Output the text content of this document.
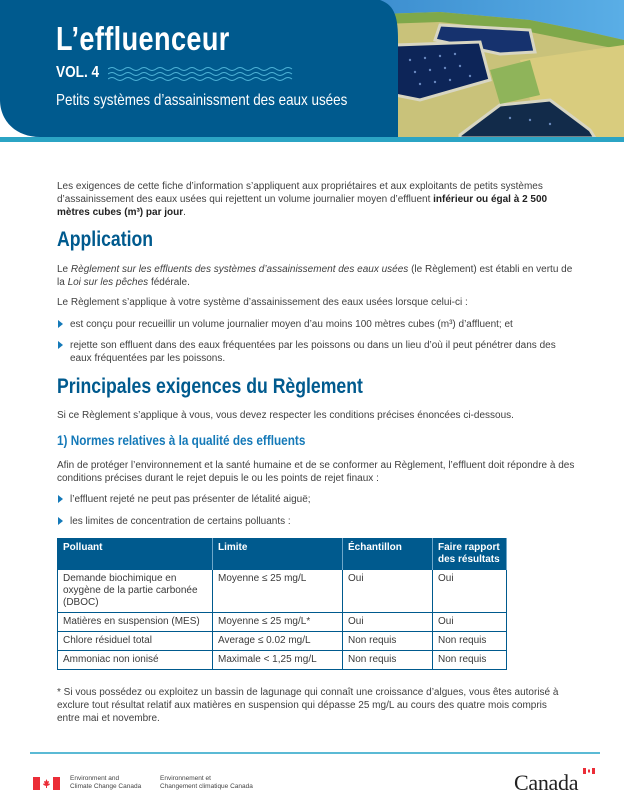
L’effluenceur
VOL. 4
Petits systèmes d’assainissment des eaux usées

Les exigences de cette fiche d’information s’appliquent aux propriétaires et aux exploitants de petits systèmes d’assainissement des eaux usées qui rejettent un volume journalier moyen d’effluent inférieur ou égal à 2 500 mètres cubes (m³) par jour.

Application

Le Règlement sur les effluents des systèmes d’assainissement des eaux usées (le Règlement) est établi en vertu de la Loi sur les pêches fédérale.

Le Règlement s’applique à votre système d’assainissement des eaux usées lorsque celui-ci :

est conçu pour recueillir un volume journalier moyen d’au moins 100 mètres cubes (m³) d’affluent; et
rejette son effluent dans des eaux fréquentées par les poissons ou dans un lieu d’où il peut pénétrer dans des eaux fréquentées par les poissons.
Principales exigences du Règlement

Si ce Règlement s’applique à vous, vous devez respecter les conditions précises énoncées ci-dessous.

1) Normes relatives à la qualité des effluents

Afin de protéger l’environnement et la santé humaine et de se conformer au Règlement, l’effluent doit répondre à des conditions précises durant le rejet depuis le ou les points de rejet finaux :

l’effluent rejeté ne peut pas présenter de létalité aiguë;
les limites de concentration de certains polluants :
Polluant	Limite	Échantillon	Faire rapport des résultats
Demande biochimique en oxygène de la partie carbonée (DBOC)	Moyenne ≤ 25 mg/L	Oui	Oui
Matières en suspension (MES)	Moyenne ≤ 25 mg/L*	Oui	Oui
Chlore résiduel total	Average ≤ 0.02 mg/L	Non requis	Non requis
Ammoniac non ionisé	Maximale < 1,25 mg/L	Non requis	Non requis

* Si vous possédez ou exploitez un bassin de lagunage qui connaît une croissance d’algues, vous êtes autorisé à exclure tout résultat relatif aux matières en suspension qui dépasse 25 mg/L au cours des quatre mois compris entre mai et novembre.

Environment and
Climate Change Canada
Environnement et
Changement climatique Canada	Canada
